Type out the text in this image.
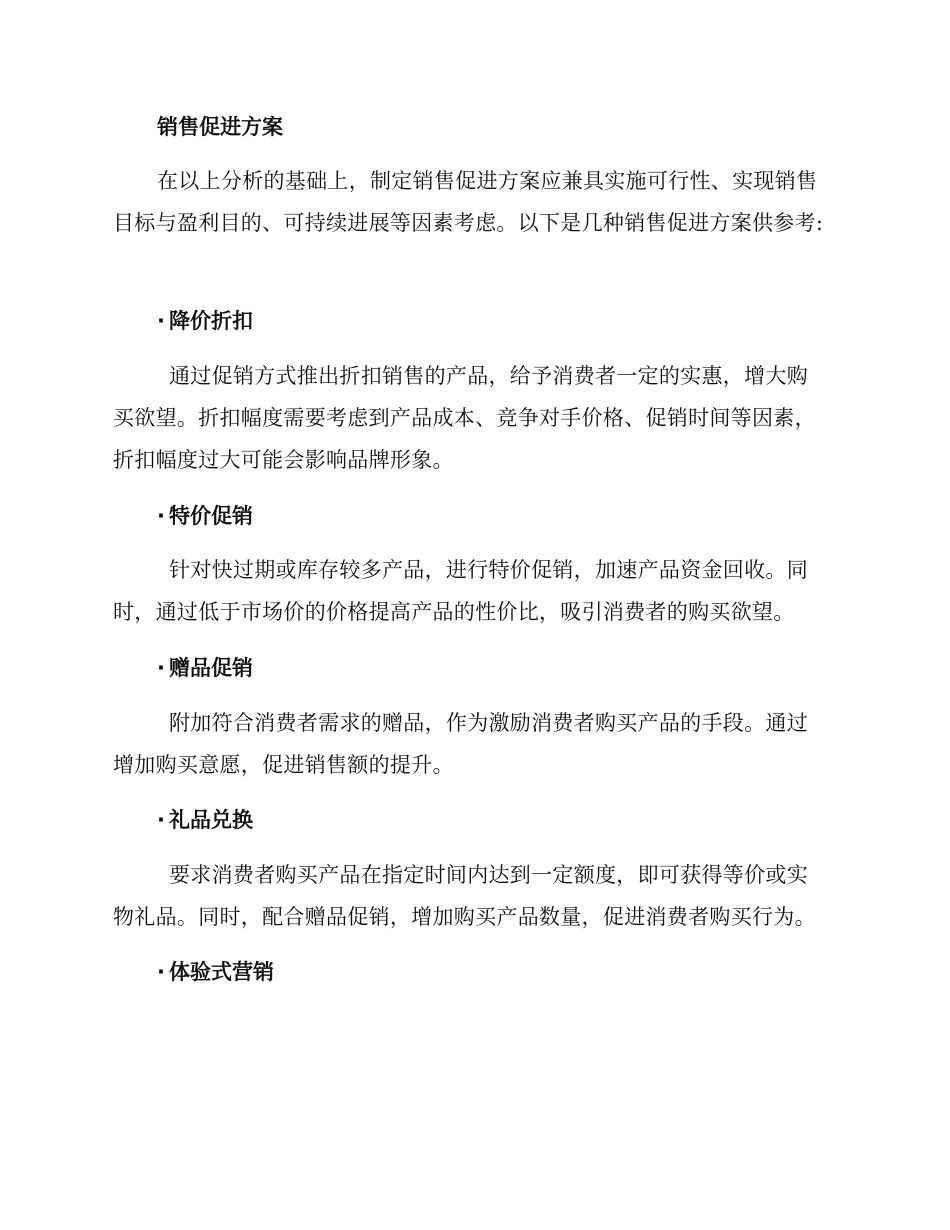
销售促进方案

在以上分析的基础上，制定销售促进方案应兼具实施可行性、实现销售目标与盈利目的、可持续进展等因素考虑。以下是几种销售促进方案供参考:

· 降价折扣

通过促销方式推出折扣销售的产品，给予消费者一定的实惠，增大购买欲望。折扣幅度需要考虑到产品成本、竞争对手价格、促销时间等因素，折扣幅度过大可能会影响品牌形象。

· 特价促销

针对快过期或库存较多产品，进行特价促销，加速产品资金回收。同时，通过低于市场价的价格提高产品的性价比，吸引消费者的购买欲望。

· 赠品促销

附加符合消费者需求的赠品，作为激励消费者购买产品的手段。通过增加购买意愿，促进销售额的提升。

· 礼品兑换

要求消费者购买产品在指定时间内达到一定额度，即可获得等价或实物礼品。同时，配合赠品促销，增加购买产品数量，促进消费者购买行为。

· 体验式营销
